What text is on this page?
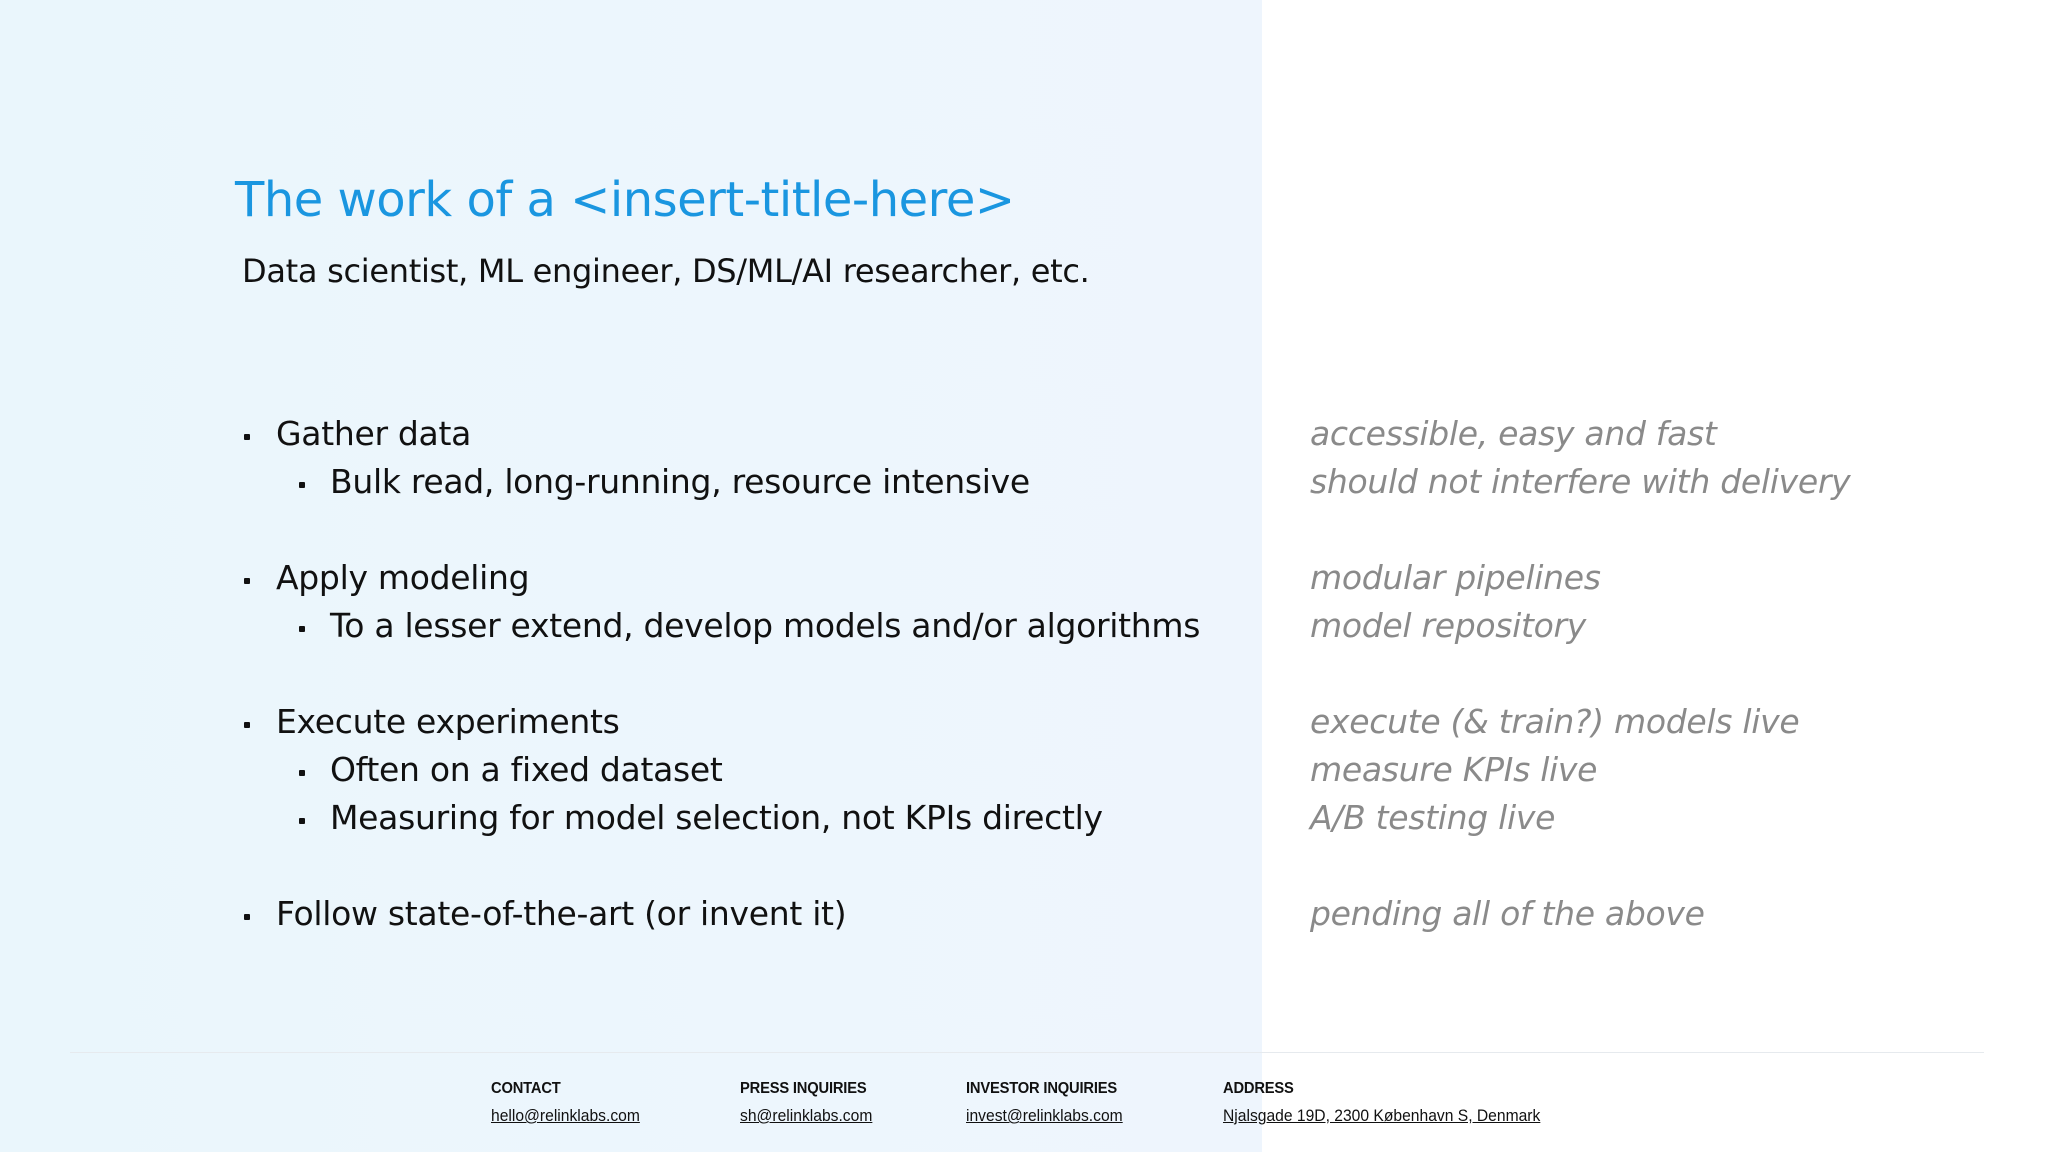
The work of a <insert-title-here>
Data scientist, ML engineer, DS/ML/AI researcher, etc.
Gather data
Bulk read, long-running, resource intensive
Apply modeling
To a lesser extend, develop models and/or algorithms
Execute experiments
Often on a fixed dataset
Measuring for model selection, not KPIs directly
Follow state-of-the-art (or invent it)
accessible, easy and fast
should not interfere with delivery
modular pipelines
model repository
execute (& train?) models live
measure KPIs live
A/B testing live
pending all of the above
CONTACT
hello@relinklabs.com
PRESS INQUIRIES
sh@relinklabs.com
INVESTOR INQUIRIES
invest@relinklabs.com
ADDRESS
Njalsgade 19D, 2300 København S, Denmark
